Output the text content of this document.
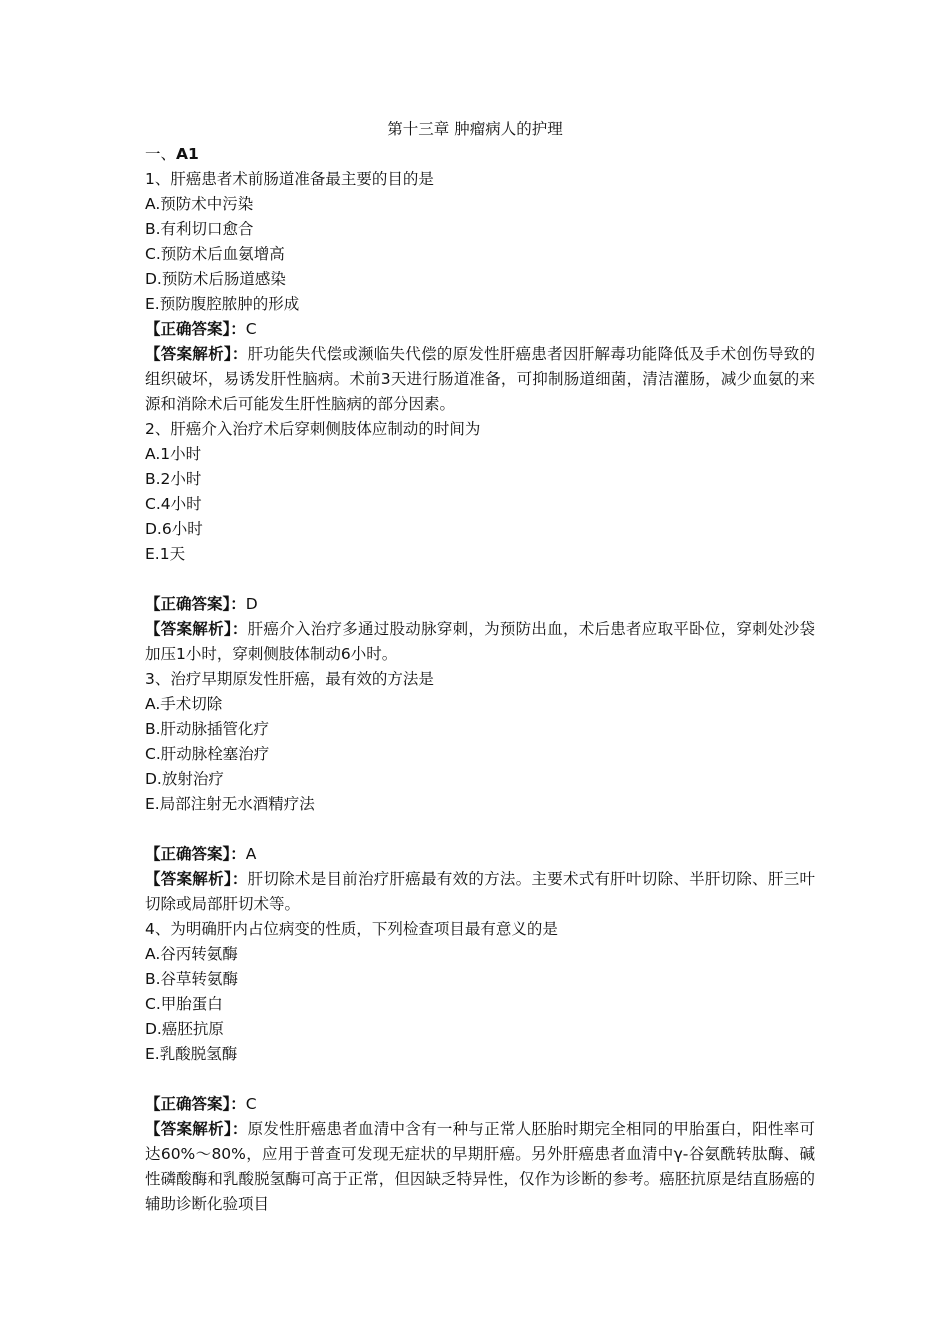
第十三章 肿瘤病人的护理
一、A1
1、肝癌患者术前肠道准备最主要的目的是
A.预防术中污染
B.有利切口愈合
C.预防术后血氨增高
D.预防术后肠道感染
E.预防腹腔脓肿的形成
【正确答案】：C
【答案解析】：肝功能失代偿或濒临失代偿的原发性肝癌患者因肝解毒功能降低及手术创伤导致的组织破坏，易诱发肝性脑病。术前3天进行肠道准备，可抑制肠道细菌，清洁灌肠，减少血氨的来源和消除术后可能发生肝性脑病的部分因素。
2、肝癌介入治疗术后穿刺侧肢体应制动的时间为
A.1小时
B.2小时
C.4小时
D.6小时
E.1天
【正确答案】：D
【答案解析】：肝癌介入治疗多通过股动脉穿刺，为预防出血，术后患者应取平卧位，穿刺处沙袋加压1小时，穿刺侧肢体制动6小时。
3、治疗早期原发性肝癌，最有效的方法是
A.手术切除
B.肝动脉插管化疗
C.肝动脉栓塞治疗
D.放射治疗
E.局部注射无水酒精疗法
【正确答案】：A
【答案解析】：肝切除术是目前治疗肝癌最有效的方法。主要术式有肝叶切除、半肝切除、肝三叶切除或局部肝切术等。
4、为明确肝内占位病变的性质，下列检查项目最有意义的是
A.谷丙转氨酶
B.谷草转氨酶
C.甲胎蛋白
D.癌胚抗原
E.乳酸脱氢酶
【正确答案】：C
【答案解析】：原发性肝癌患者血清中含有一种与正常人胚胎时期完全相同的甲胎蛋白，阳性率可达60%～80%，应用于普查可发现无症状的早期肝癌。另外肝癌患者血清中γ-谷氨酰转肽酶、碱性磷酸酶和乳酸脱氢酶可高于正常，但因缺乏特异性，仅作为诊断的参考。癌胚抗原是结直肠癌的辅助诊断化验项目
